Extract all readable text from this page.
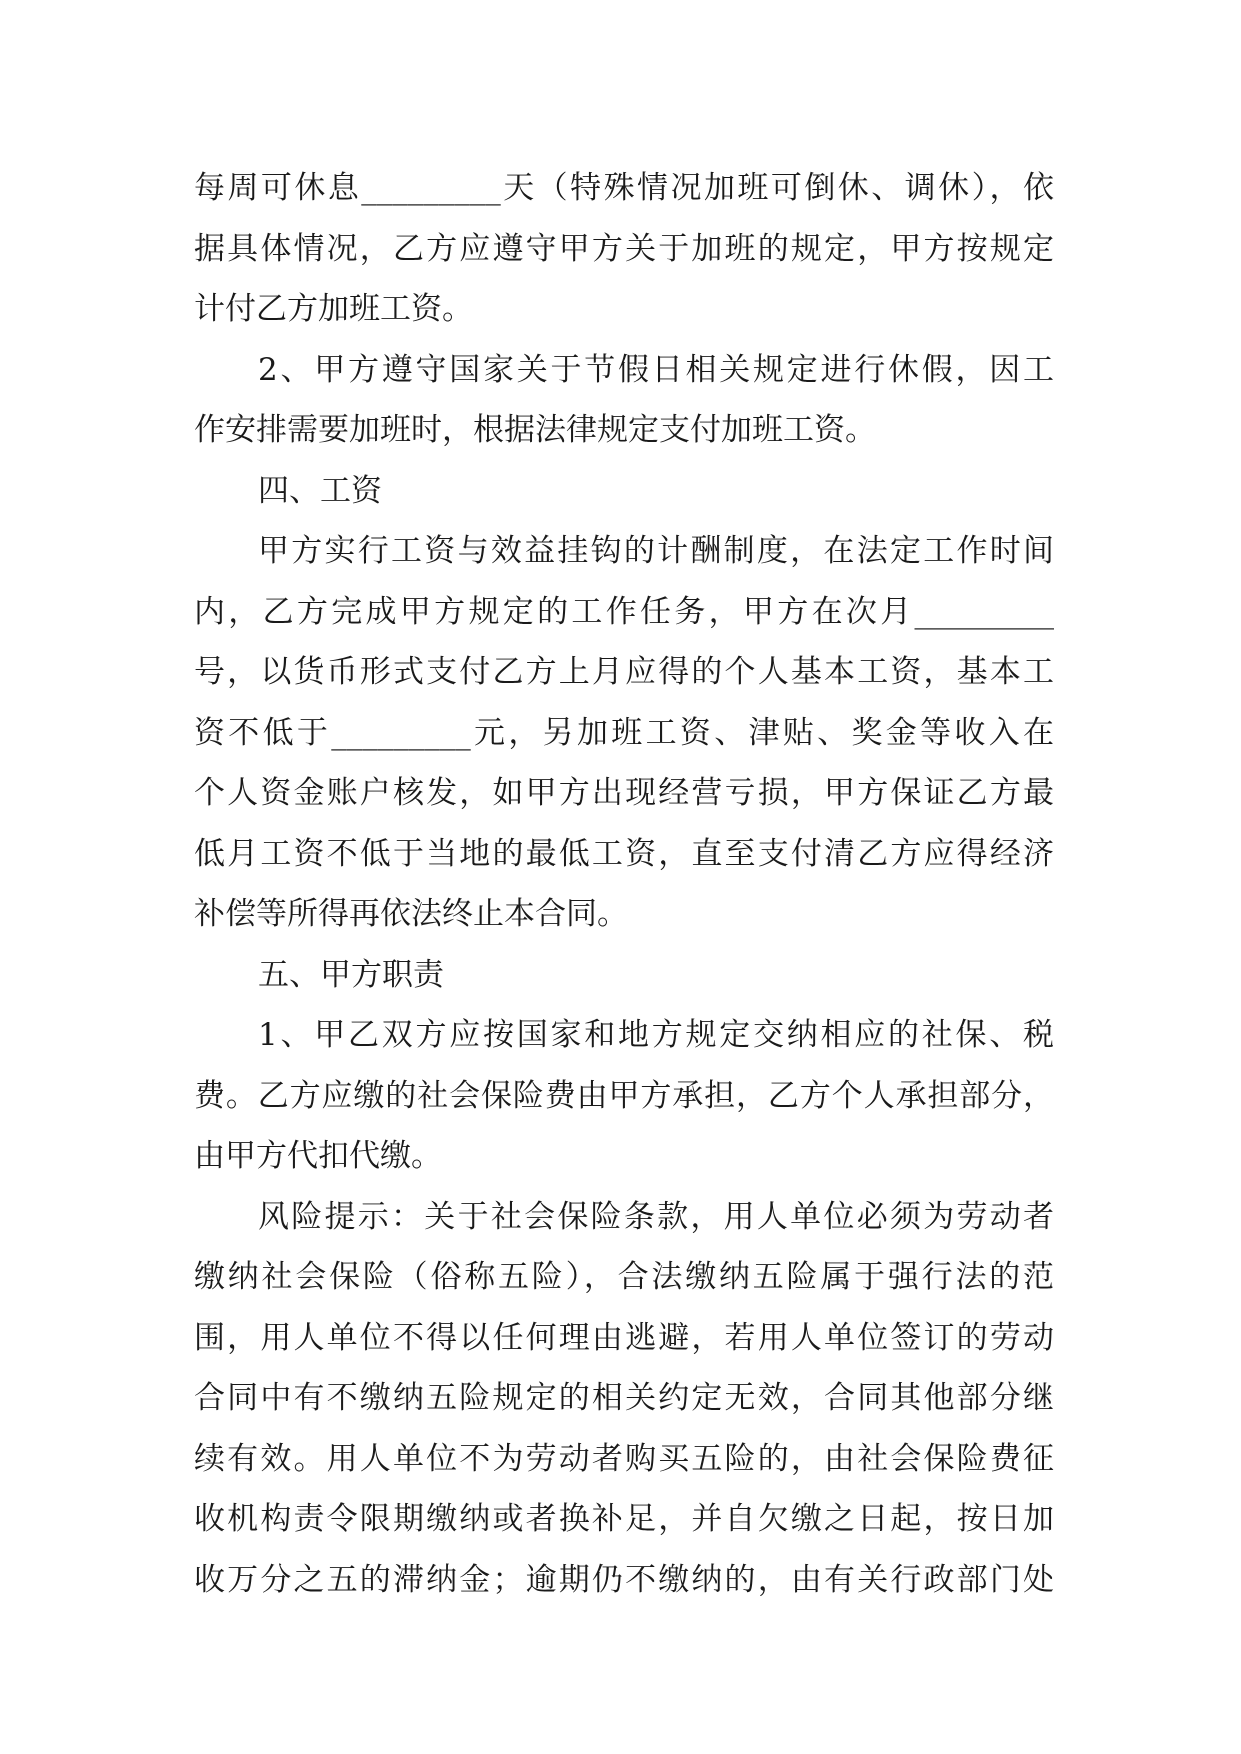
每周可休息_________天（特殊情况加班可倒休、调休），依
据具体情况，乙方应遵守甲方关于加班的规定，甲方按规定
计付乙方加班工资。
2、甲方遵守国家关于节假日相关规定进行休假，因工
作安排需要加班时，根据法律规定支付加班工资。
四、工资
甲方实行工资与效益挂钩的计酬制度，在法定工作时间
内，乙方完成甲方规定的工作任务，甲方在次月_________
号，以货币形式支付乙方上月应得的个人基本工资，基本工
资不低于_________元，另加班工资、津贴、奖金等收入在
个人资金账户核发，如甲方出现经营亏损，甲方保证乙方最
低月工资不低于当地的最低工资，直至支付清乙方应得经济
补偿等所得再依法终止本合同。
五、甲方职责
1、甲乙双方应按国家和地方规定交纳相应的社保、税
费。乙方应缴的社会保险费由甲方承担，乙方个人承担部分，
由甲方代扣代缴。
风险提示：关于社会保险条款，用人单位必须为劳动者
缴纳社会保险（俗称五险），合法缴纳五险属于强行法的范
围，用人单位不得以任何理由逃避，若用人单位签订的劳动
合同中有不缴纳五险规定的相关约定无效，合同其他部分继
续有效。用人单位不为劳动者购买五险的，由社会保险费征
收机构责令限期缴纳或者换补足，并自欠缴之日起，按日加
收万分之五的滞纳金；逾期仍不缴纳的，由有关行政部门处
